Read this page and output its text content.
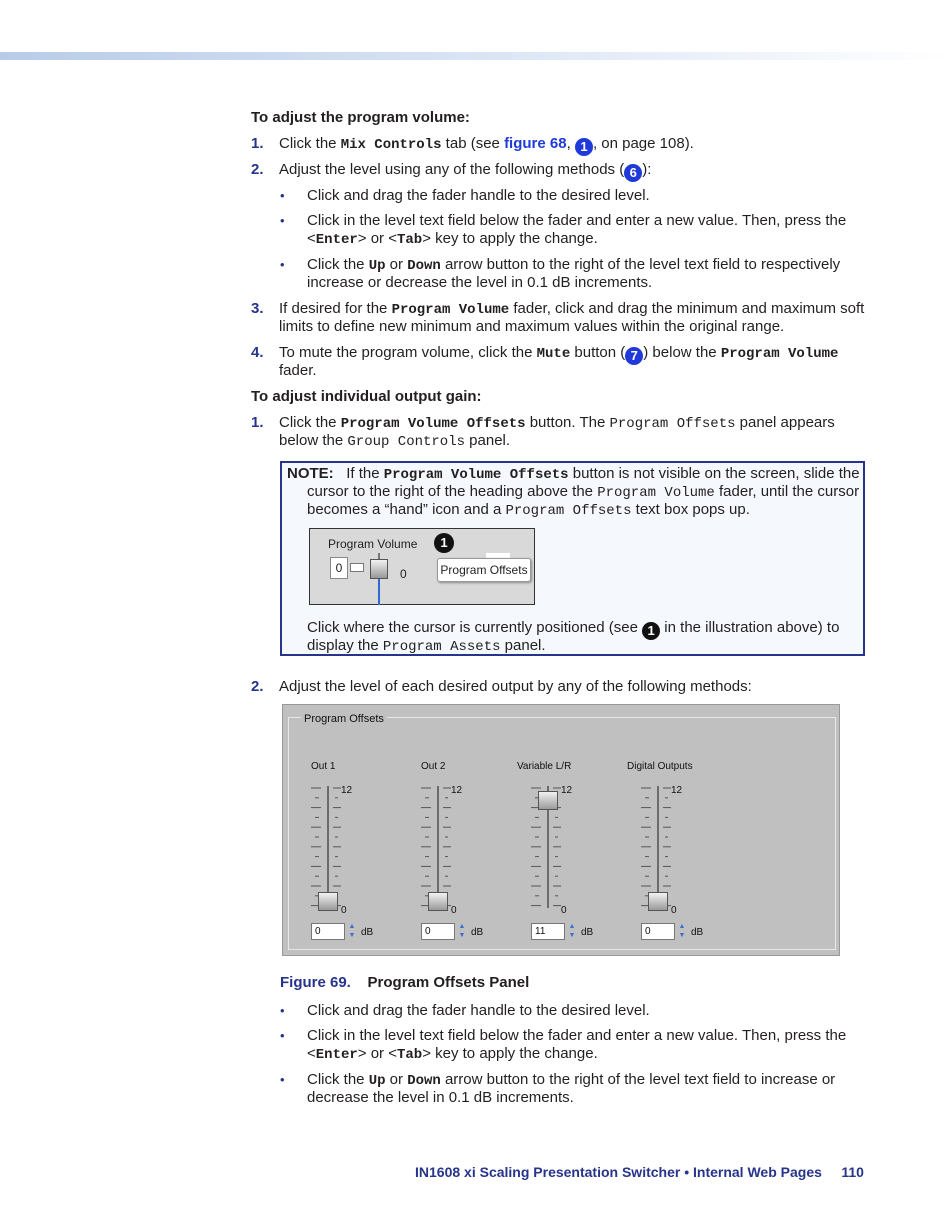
To adjust the program volume:
1. Click the Mix Controls tab (see figure 68, 1 , on page 108).
2. Adjust the level using any of the following methods ( 6 ):
• Click and drag the fader handle to the desired level.
• Click in the level text field below the fader and enter a new value. Then, press the
<Enter> or <Tab> key to apply the change.
• Click the Up or Down arrow button to the right of the level text field to respectively
increase or decrease the level in 0.1 dB increments.
3. If desired for the Program Volume fader, click and drag the minimum and maximum soft
limits to define new minimum and maximum values within the original range.
4. To mute the program volume, click the Mute button ( 7 ) below the Program Volume
fader.
To adjust individual output gain:
1. Click the Program Volume Offsets button. The Program Offsets panel appears
below the Group Controls panel.
NOTE: If the Program Volume Offsets button is not visible on the screen, slide the
cursor to the right of the heading above the Program Volume fader, until the cursor
becomes a “hand” icon and a Program Offsets text box pops up.
Program Volume	1
0	0	Program Offsets
Click where the cursor is currently positioned (see 1 in the illustration above) to
display the Program Assets panel.
2. Adjust the level of each desired output by any of the following methods:
Program Offsets
Out 1
12
0
0	▲
▼ dB
Out 2
12
0
0	▲
▼ dB
Variable L/R
12
0
11	▲
▼ dB
Digital Outputs
12
0
0	▲
▼ dB
Figure 69. Program Offsets Panel
• Click and drag the fader handle to the desired level.
• Click in the level text field below the fader and enter a new value. Then, press the
<Enter> or <Tab> key to apply the change.
• Click the Up or Down arrow button to the right of the level text field to increase or
decrease the level in 0.1 dB increments.
IN1608 xi Scaling Presentation Switcher • Internal Web Pages 110
